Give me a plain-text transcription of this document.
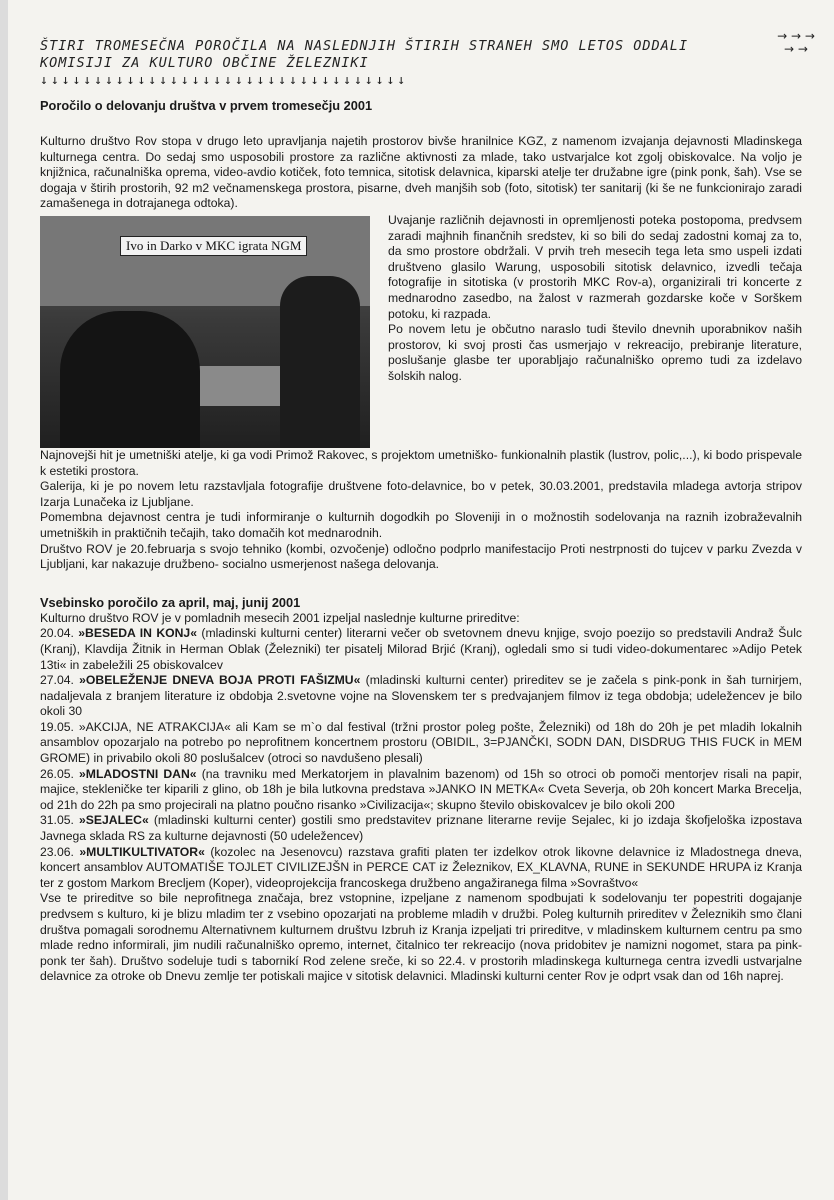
ŠTIRI TROMESEČNA POROČILA NA NASLEDNJIH ŠTIRIH STRANEH SMO LETOS ODDALI
KOMISIJI ZA KULTURO OBČINE ŽELEZNIKI
↓↓↓↓↓↓↓↓↓↓↓↓↓↓↓↓↓↓↓↓↓↓↓↓↓↓↓↓↓↓↓↓↓↓
→ → → → →
Poročilo o delovanju društva v prvem tromesečju 2001

Kulturno društvo Rov stopa v drugo leto upravljanja najetih prostorov bivše hranilnice KGZ, z namenom izvajanja dejavnosti Mladinskega kulturnega centra. Do sedaj smo usposobili prostore za različne aktivnosti za mlade, tako ustvarjalce kot zgolj obiskovalce. Na voljo je knjižnica, računalniška oprema, video-avdio kotiček, foto temnica, sitotisk delavnica, kiparski atelje ter družabne igre (pink ponk, šah). Vse se dogaja v štirih prostorih, 92 m2 večnamenskega prostora, pisarne, dveh manjših sob (foto, sitotisk) ter sanitarij (ki še ne funkcionirajo zaradi zamašenega in dotrajanega odtoka).

Ivo in Darko v MKC igrata NGM

Uvajanje različnih dejavnosti in opremljenosti poteka postopoma, predvsem zaradi majhnih finančnih sredstev, ki so bili do sedaj zadostni komaj za to, da smo prostore obdržali. V prvih treh mesecih tega leta smo uspeli izdati društveno glasilo Warung, usposobili sitotisk delavnico, izvedli tečaja fotografije in sitotiska (v prostorih MKC Rov-a), organizirali tri koncerte z mednarodno zasedbo, na žalost v razmerah gozdarske koče v Sorškem potoku, ki razpada.

Po novem letu je občutno naraslo tudi število dnevnih uporabnikov naših prostorov, ki svoj prosti čas usmerjajo v rekreacijo, prebiranje literature, poslušanje glasbe ter uporabljajo računalniško opremo tudi za izdelavo šolskih nalog.

Najnovejši hit je umetniški atelje, ki ga vodi Primož Rakovec, s projektom umetniško- funkionalnih plastik (lustrov, polic,...), ki bodo prispevale k estetiki prostora.

Galerija, ki je po novem letu razstavljala fotografije društvene foto-delavnice, bo v petek, 30.03.2001, predstavila mladega avtorja stripov Izarja Lunačeka iz Ljubljane.

Pomembna dejavnost centra je tudi informiranje o kulturnih dogodkih po Sloveniji in o možnostih sodelovanja na raznih izobraževalnih umetniških in praktičnih tečajih, tako domačih kot mednarodnih.

Društvo ROV je 20.februarja s svojo tehniko (kombi, ozvočenje) odločno podprlo manifestacijo Proti nestrpnosti do tujcev v parku Zvezda v Ljubljani, kar nakazuje družbeno- socialno usmerjenost našega delovanja.

Vsebinsko poročilo za april, maj, junij 2001

Kulturno društvo ROV je v pomladnih mesecih 2001 izpeljal naslednje kulturne prireditve:

20.04. »BESEDA IN KONJ« (mladinski kulturni center) literarni večer ob svetovnem dnevu knjige, svojo poezijo so predstavili Andraž Šulc (Kranj), Klavdija Žitnik in Herman Oblak (Železniki) ter pisatelj Milorad Brjić (Kranj), ogledali smo si tudi video-dokumentarec »Adijo Petek 13ti« in zabeležili 25 obiskovalcev

27.04. »OBELEŽENJE DNEVA BOJA PROTI FAŠIZMU« (mladinski kulturni center) prireditev se je začela s pink-ponk in šah turnirjem, nadaljevala z branjem literature iz obdobja 2.svetovne vojne na Slovenskem ter s predvajanjem filmov iz tega obdobja; udeležencev je bilo okoli 30

19.05. »AKCIJA, NE ATRAKCIJA« ali Kam se m`o dal festival (tržni prostor poleg pošte, Železniki) od 18h do 20h je pet mladih lokalnih ansamblov opozarjalo na potrebo po neprofitnem koncertnem prostoru (OBIDIL, 3=PJANČKI, SODN DAN, DISDRUG THIS FUCK in MEM GROME) in privabilo okoli 80 poslušalcev (otroci so navdušeno plesali)

26.05. »MLADOSTNI DAN« (na travniku med Merkatorjem in plavalnim bazenom) od 15h so otroci ob pomoči mentorjev risali na papir, majice, stekleničke ter kiparili z glino, ob 18h je bila lutkovna predstava »JANKO IN METKA« Cveta Severja, ob 20h koncert Marka Brecelja, od 21h do 22h pa smo projecirali na platno poučno risanko »Civilizacija«; skupno število obiskovalcev je bilo okoli 200

31.05. »SEJALEC« (mladinski kulturni center) gostili smo predstavitev priznane literarne revije Sejalec, ki jo izdaja škofjeloška izpostava Javnega sklada RS za kulturne dejavnosti (50 udeležencev)

23.06. »MULTIKULTIVATOR« (kozolec na Jesenovcu) razstava grafiti platen ter izdelkov otrok likovne delavnice iz Mladostnega dneva, koncert ansamblov AUTOMATIŠE TOJLET CIVILIZEJŠN in PERCE CAT iz Železnikov, EX_KLAVNA, RUNE in SEKUNDE HRUPA iz Kranja ter z gostom Markom Brecljem (Koper), videoprojekcija francoskega družbeno angažiranega filma »Sovraštvo«

Vse te prireditve so bile neprofitnega značaja, brez vstopnine, izpeljane z namenom spodbujati k sodelovanju ter popestriti dogajanje predvsem s kulturo, ki je blizu mladim ter z vsebino opozarjati na probleme mladih v družbi. Poleg kulturnih prireditev v Železnikih smo člani društva pomagali sorodnemu Alternativnem kulturnem društvu Izbruh iz Kranja izpeljati tri prireditve, v mladinskem kulturnem centru pa smo mlade redno informirali, jim nudili računalniško opremo, internet, čitalnico ter rekreacijo (nova pridobitev je namizni nogomet, stara pa pink-ponk ter šah). Društvo sodeluje tudi s tabornikí Rod zelene sreče, ki so 22.4. v prostorih mladinskega kulturnega centra izvedli ustvarjalne delavnice za otroke ob Dnevu zemlje ter potiskali majice v sitotisk delavnici. Mladinski kulturni center Rov je odprt vsak dan od 16h naprej.
